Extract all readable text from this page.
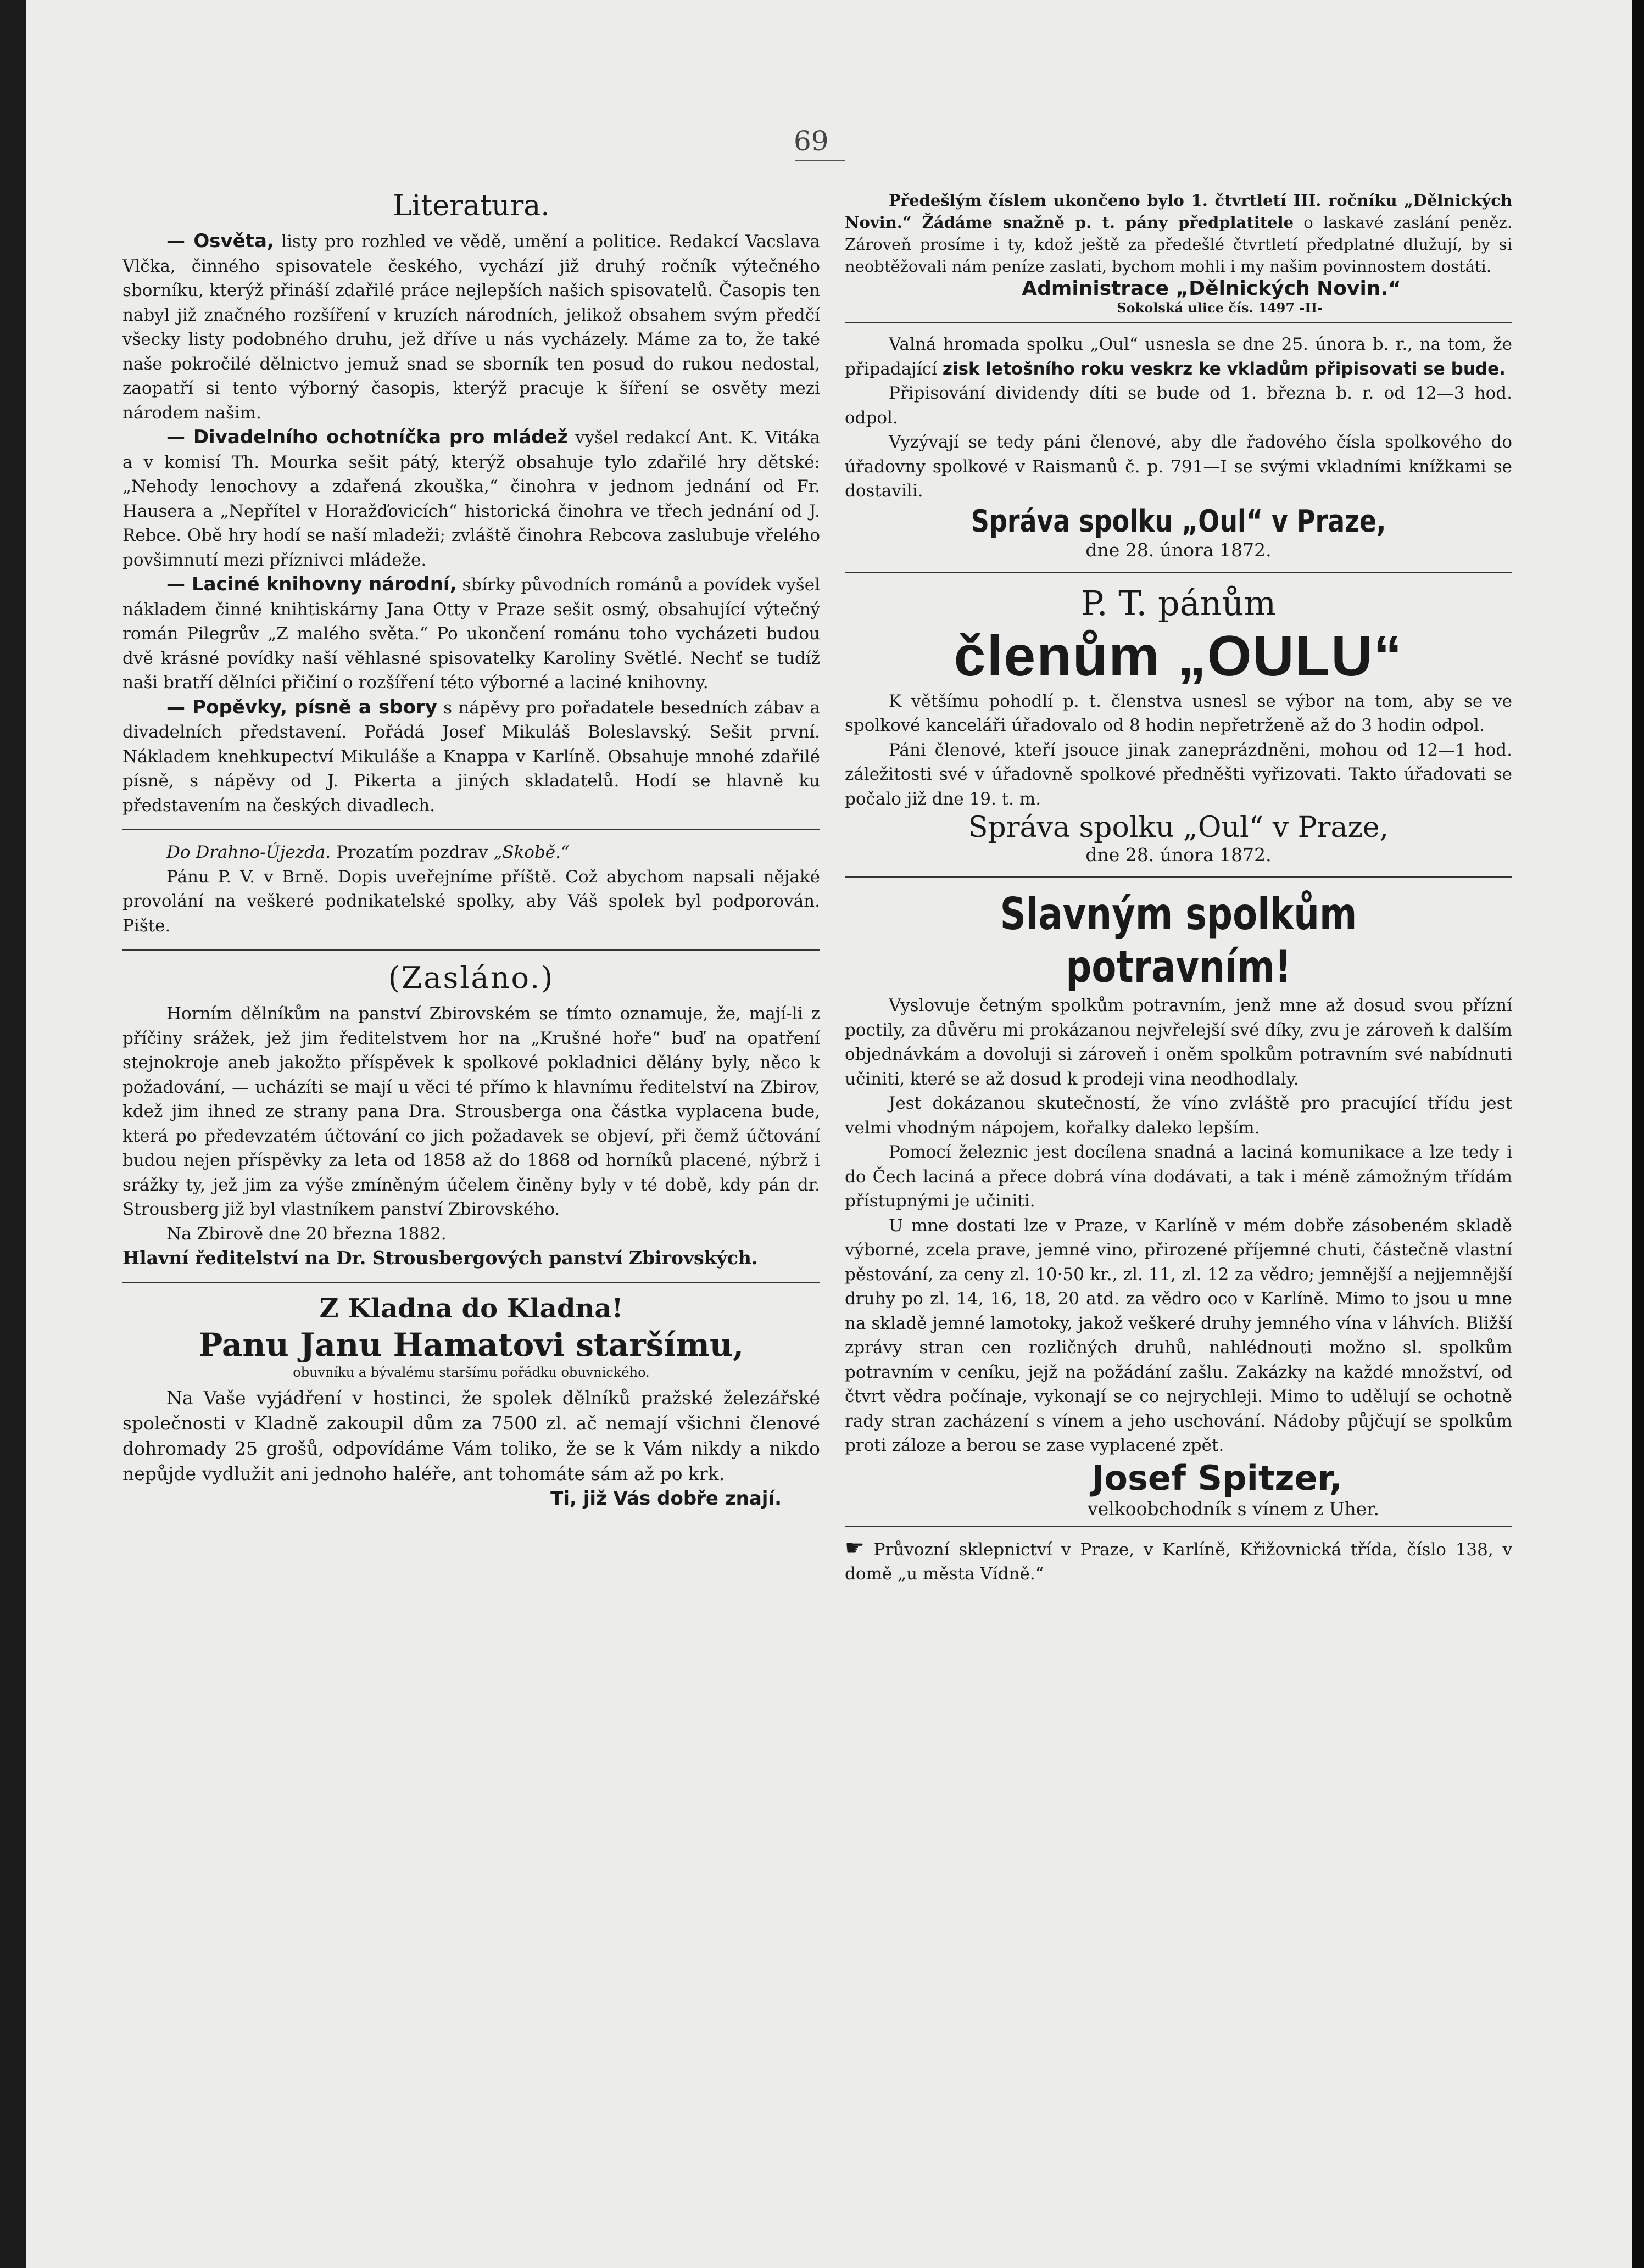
69
Literatura.

— Osvěta, listy pro rozhled ve vědě, umění a politice. Redakcí Vacslava Vlčka, činného spisovatele českého, vychází již druhý ročník výtečného sborníku, kterýž přináší zdařilé práce nejlepších našich spisovatelů. Časopis ten nabyl již značného rozšíření v kruzích národních, jelikož obsahem svým předčí všecky listy podobného druhu, jež dříve u nás vycházely. Máme za to, že také naše pokročilé dělnictvo jemuž snad se sborník ten posud do rukou nedostal, zaopatří si tento výborný časopis, kterýž pracuje k šíření se osvěty mezi národem našim.

— Divadelního ochotníčka pro mládež vyšel redakcí Ant. K. Vitáka a v komisí Th. Mourka sešit pátý, kterýž obsahuje tylo zdařilé hry dětské: „Nehody lenochovy a zdařená zkouška,“ činohra v jednom jednání od Fr. Hausera a „Nepřítel v Horažďovicích“ historická činohra ve třech jednání od J. Rebce. Obě hry hodí se naší mladeži; zvláště činohra Rebcova zaslubuje vřelého povšimnutí mezi příznivci mládeže.

— Laciné knihovny národní, sbírky původních románů a povídek vyšel nákladem činné knihtiskárny Jana Otty v Praze sešit osmý, obsahující výtečný román Pilegrův „Z malého světa.“ Po ukončení románu toho vycházeti budou dvě krásné povídky naší věhlasné spisovatelky Karoliny Světlé. Nechť se tudíž naši bratří dělníci přičiní o rozšíření této výborné a laciné knihovny.

— Popěvky, písně a sbory s nápěvy pro pořadatele besedních zábav a divadelních představení. Pořádá Josef Mikuláš Boleslavský. Sešit první. Nákladem knehkupectví Mikuláše a Knappa v Karlíně. Obsahuje mnohé zdařilé písně, s nápěvy od J. Pikerta a jiných skladatelů. Hodí se hlavně ku představením na českých divadlech.

Do Drahno-Újezda. Prozatím pozdrav „Skobě.“

Pánu P. V. v Brně. Dopis uveřejníme příště. Což abychom napsali nějaké provolání na veškeré podnikatelské spolky, aby Váš spolek byl podporován. Pište.

(Zasláno.)

Horním dělníkům na panství Zbirovském se tímto oznamuje, že, mají-li z příčiny srážek, jež jim ředitelstvem hor na „Krušné hoře“ buď na opatření stejnokroje aneb jakožto příspěvek k spolkové pokladnici dělány byly, něco k požadování, — ucházíti se mají u věci té přímo k hlavnímu ředitelství na Zbirov, kdež jim ihned ze strany pana Dra. Strousberga ona částka vyplacena bude, která po předevzatém účtování co jich požadavek se objeví, při čemž účtování budou nejen příspěvky za leta od 1858 až do 1868 od horníků placené, nýbrž i srážky ty, jež jim za výše zmíněným účelem činěny byly v té době, kdy pán dr. Strousberg již byl vlastníkem panství Zbirovského.

Na Zbirově dne 20 března 1882.

Hlavní ředitelství na Dr. Strousbergových panství Zbirovských.

Z Kladna do Kladna!
Panu Janu Hamatovi staršímu,
obuvníku a bývalému staršímu pořádku obuvnického.

Na Vaše vyjádření v hostinci, že spolek dělníků pražské železářské společnosti v Kladně zakoupil dům za 7500 zl. ač nemají všichni členové dohromady 25 grošů, odpovídáme Vám toliko, že se k Vám nikdy a nikdo nepůjde vydlužit ani jednoho haléře, ant tohomáte sám až po krk.

Ti, již Vás dobře znají.

Předešlým číslem ukončeno bylo 1. čtvrtletí III. ročníku „Dělnických Novin.“ Žádáme snažně p. t. pány předplatitele o laskavé zaslání peněz. Zároveň prosíme i ty, kdož ještě za předešlé čtvrtletí předplatné dlužují, by si neobtěžovali nám peníze zaslati, bychom mohli i my našim povinnostem dostáti.

Administrace „Dělnických Novin.“
Sokolská ulice čís. 1497 -II-

Valná hromada spolku „Oul“ usnesla se dne 25. února b. r., na tom, že připadající zisk letošního roku veskrz ke vkladům připisovati se bude.

Připisování dividendy díti se bude od 1. března b. r. od 12—3 hod. odpol.

Vyzývají se tedy páni členové, aby dle řadového čísla spolkového do úřadovny spolkové v Raismanů č. p. 791—I se svými vkladními knížkami se dostavili.

Správa spolku „Oul“ v Praze,
dne 28. února 1872.
P. T. pánům
členům „OULU“

K většímu pohodlí p. t. členstva usnesl se výbor na tom, aby se ve spolkové kanceláři úřadovalo od 8 hodin nepřetrženě až do 3 hodin odpol.

Páni členové, kteří jsouce jinak zaneprázdněni, mohou od 12—1 hod. záležitosti své v úřadovně spolkové předněšti vyřizovati. Takto úřadovati se počalo již dne 19. t. m.

Správa spolku „Oul“ v Praze,
dne 28. února 1872.
Slavným spolkům potravním!

Vyslovuje četným spolkům potravním, jenž mne až dosud svou přízní poctily, za důvěru mi prokázanou nejvřelejší své díky, zvu je zároveň k dalším objednávkám a dovoluji si zároveň i oněm spolkům potravním své nabídnuti učiniti, které se až dosud k prodeji vina neodhodlaly.

Jest dokázanou skutečností, že víno zvláště pro pracující třídu jest velmi vhodným nápojem, kořalky daleko lepším.

Pomocí železnic jest docílena snadná a laciná komunikace a lze tedy i do Čech laciná a přece dobrá vína dodávati, a tak i méně zámožným třídám přístupnými je učiniti.

U mne dostati lze v Praze, v Karlíně v mém dobře zásobeném skladě výborné, zcela prave, jemné vino, přirozené příjemné chuti, částečně vlastní pěstování, za ceny zl. 10·50 kr., zl. 11, zl. 12 za vědro; jemnější a nejjemnější druhy po zl. 14, 16, 18, 20 atd. za vědro oco v Karlíně. Mimo to jsou u mne na skladě jemné lamotoky, jakož veškeré druhy jemného vína v láhvích. Bližší zprávy stran cen rozličných druhů, nahlédnouti možno sl. spolkům potravním v ceníku, jejž na požádání zašlu. Zakázky na každé množství, od čtvrt vědra počínaje, vykonají se co nejrychleji. Mimo to udělují se ochotně rady stran zacházení s vínem a jeho uschování. Nádoby půjčují se spolkům proti záloze a berou se zase vyplacené zpět.

Josef Spitzer,
velkoobchodník s vínem z Uher.

☛ Průvozní sklepnictví v Praze, v Karlíně, Křižovnická třída, číslo 138, v domě „u města Vídně.“
